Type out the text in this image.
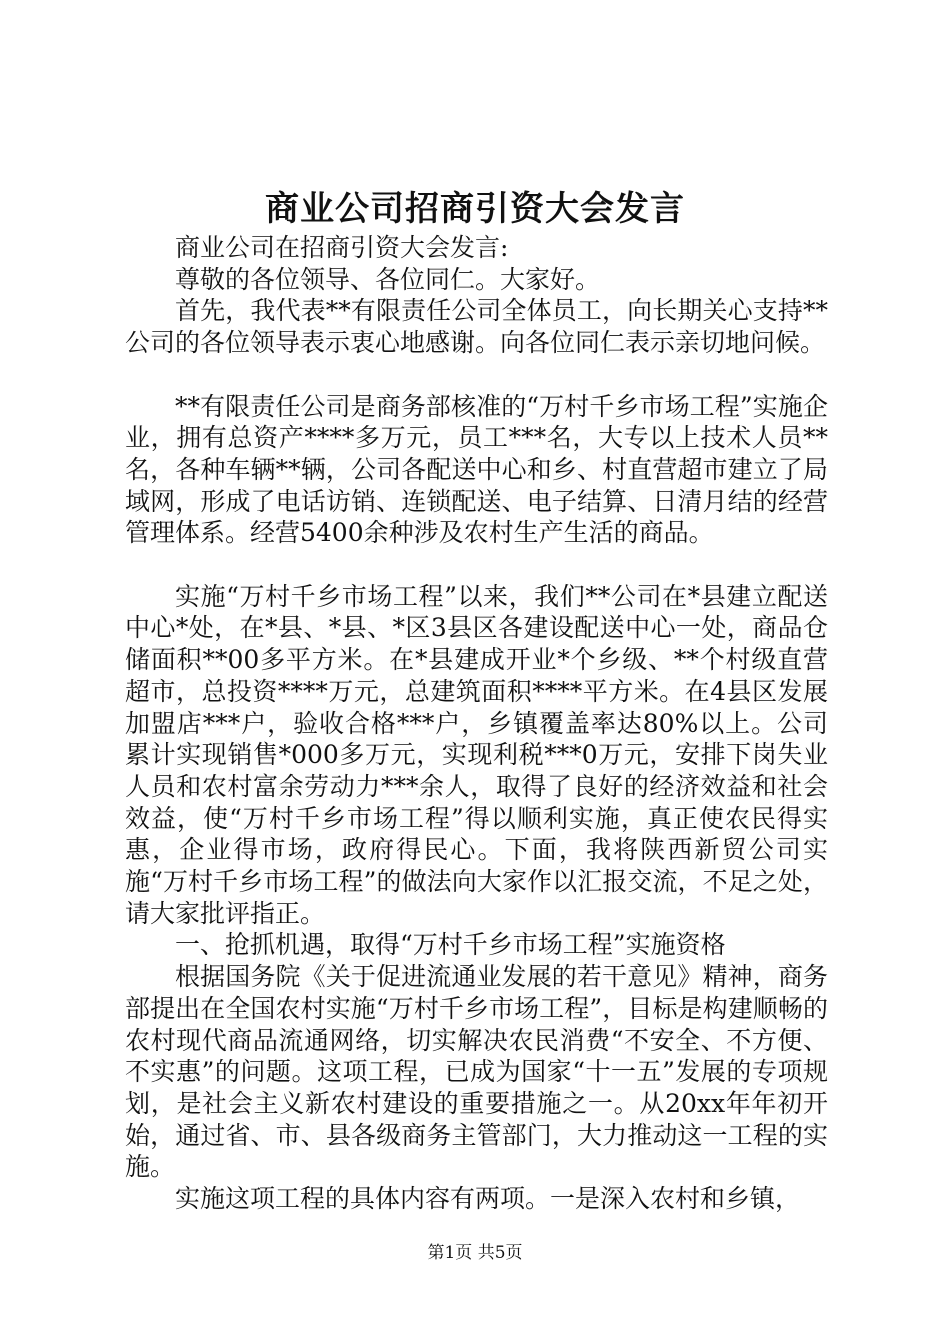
商业公司招商引资大会发言

商业公司在招商引资大会发言:

尊敬的各位领导、各位同仁。大家好。

首先，我代表**有限责任公司全体员工，向长期关心支持**公司的各位领导表示衷心地感谢。向各位同仁表示亲切地问候。

**有限责任公司是商务部核准的“万村千乡市场工程”实施企业，拥有总资产****多万元，员工***名，大专以上技术人员**名，各种车辆**辆，公司各配送中心和乡、村直营超市建立了局域网，形成了电话访销、连锁配送、电子结算、日清月结的经营管理体系。经营5400余种涉及农村生产生活的商品。

实施“万村千乡市场工程”以来，我们**公司在*县建立配送中心*处，在*县、*县、*区3县区各建设配送中心一处，商品仓储面积**00多平方米。在*县建成开业*个乡级、**个村级直营超市，总投资****万元，总建筑面积****平方米。在4县区发展加盟店***户，验收合格***户，乡镇覆盖率达80%以上。公司累计实现销售*000多万元，实现利税***0万元，安排下岗失业人员和农村富余劳动力***余人，取得了良好的经济效益和社会效益，使“万村千乡市场工程”得以顺利实施，真正使农民得实惠，企业得市场，政府得民心。下面，我将陕西新贸公司实施“万村千乡市场工程”的做法向大家作以汇报交流，不足之处，请大家批评指正。

一、抢抓机遇，取得“万村千乡市场工程”实施资格

根据国务院《关于促进流通业发展的若干意见》精神，商务部提出在全国农村实施“万村千乡市场工程”，目标是构建顺畅的农村现代商品流通网络，切实解决农民消费“不安全、不方便、不实惠”的问题。这项工程，已成为国家“十一五”发展的专项规划，是社会主义新农村建设的重要措施之一。从20xx年年初开始，通过省、市、县各级商务主管部门，大力推动这一工程的实施。

实施这项工程的具体内容有两项。一是深入农村和乡镇，

第1页 共5页
